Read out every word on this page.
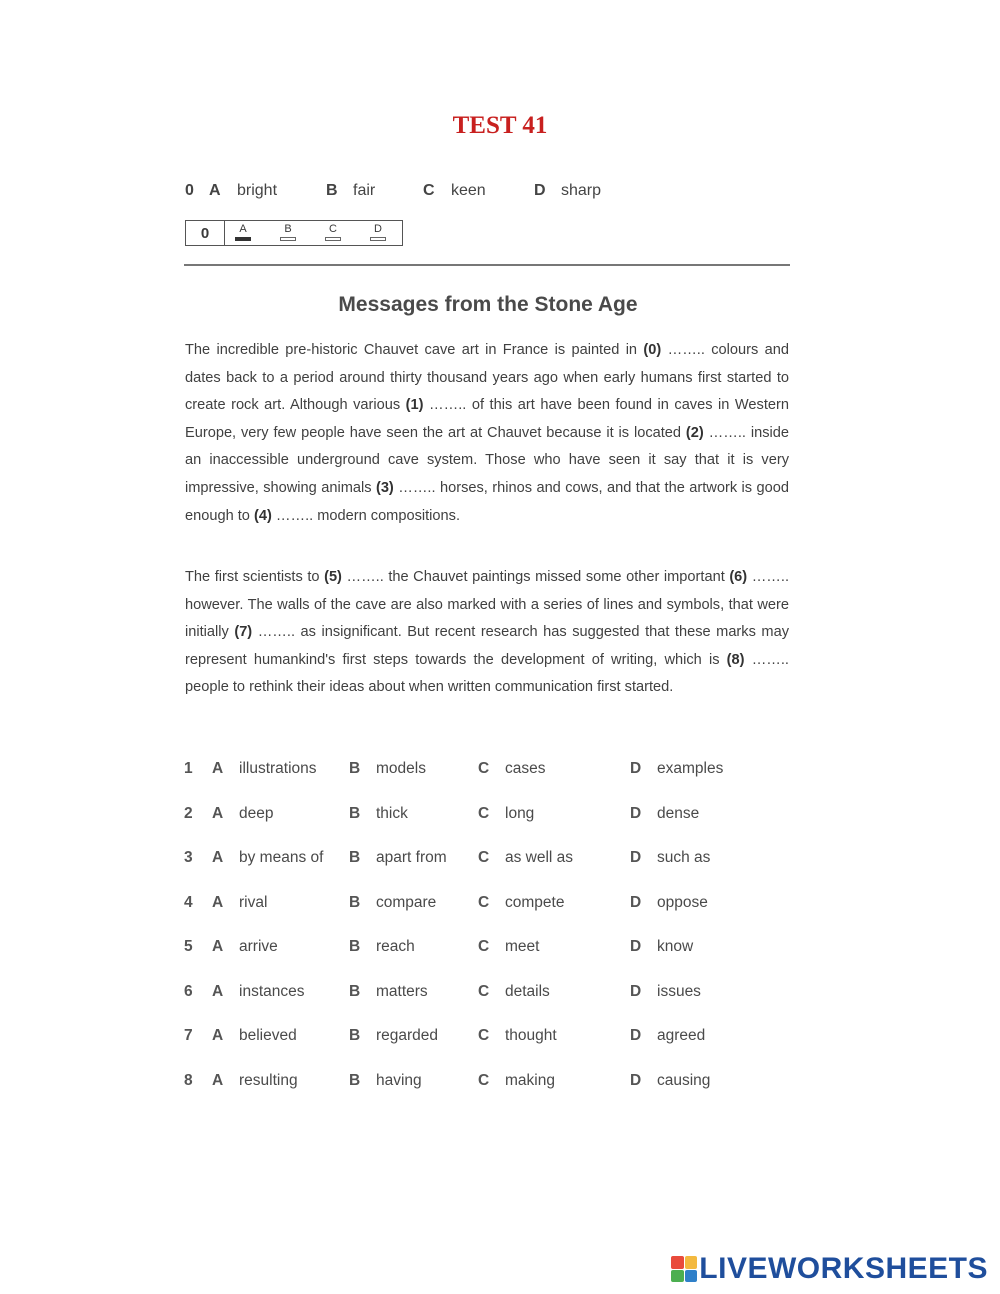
TEST 41
0 A bright	B fair	C keen	D sharp
0	A	B	C	D
Messages from the Stone Age
The incredible pre-historic Chauvet cave art in France is painted in (0) …….. colours and dates back to a period around thirty thousand years ago when early humans first started to create rock art. Although various (1) …….. of this art have been found in caves in Western Europe, very few people have seen the art at Chauvet because it is located (2) …….. inside an inaccessible underground cave system. Those who have seen it say that it is very impressive, showing animals (3) …….. horses, rhinos and cows, and that the artwork is good enough to (4) …….. modern compositions.
The first scientists to (5) …….. the Chauvet paintings missed some other important (6) …….. however. The walls of the cave are also marked with a series of lines and symbols, that were initially (7) …….. as insignificant. But recent research has suggested that these marks may represent humankind's first steps towards the development of writing, which is (8) …….. people to rethink their ideas about when written communication first started.
1 A illustrations B models	C cases	D examples
2 A deep	B thick	C long	D dense
3 A by means of B apart from C as well as	D such as
4 A rival	B compare	C compete	D oppose
5 A arrive	B reach	C meet	D know
6 A instances	B matters	C details	D issues
7 A believed	B regarded	C thought	D agreed
8 A resulting	B having	C making	D causing
LIVEWORKSHEETS
